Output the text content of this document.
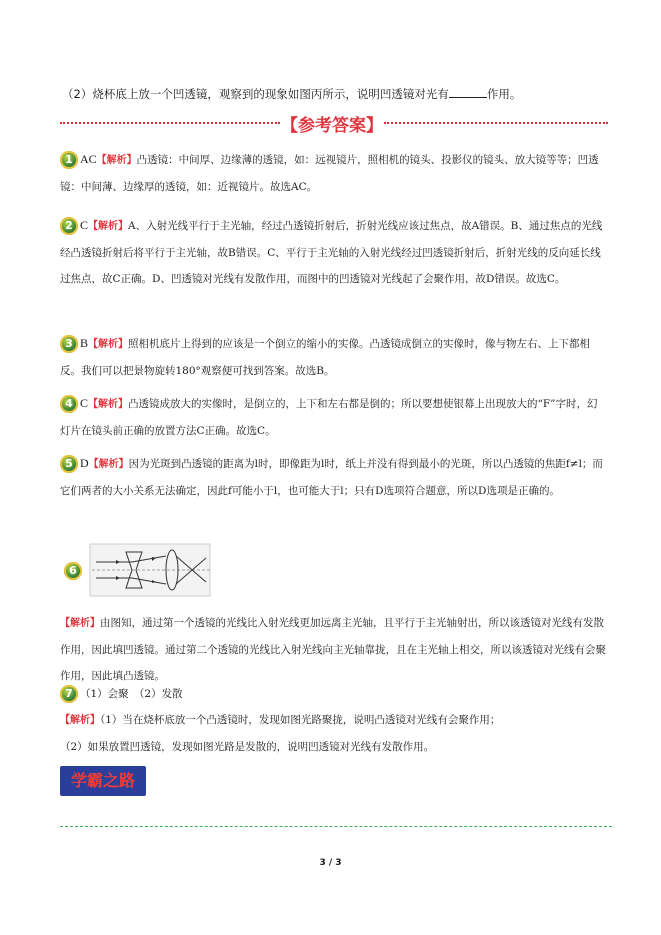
（2）烧杯底上放一个凹透镜，观察到的现象如图丙所示，说明凹透镜对光有	作用。
【参考答案】
1 AC【解析】凸透镜：中间厚、边缘薄的透镜，如：远视镜片，照相机的镜头、投影仪的镜头、放大镜等等；凹透镜：中间薄、边缘厚的透镜，如：近视镜片。故选AC。
2 C【解析】A、入射光线平行于主光轴，经过凸透镜折射后，折射光线应该过焦点，故A错误。B、通过焦点的光线经凸透镜折射后将平行于主光轴，故B错误。C、平行于主光轴的入射光线经过凹透镜折射后，折射光线的反向延长线过焦点，故C正确。D、凹透镜对光线有发散作用，而图中的凹透镜对光线起了会聚作用，故D错误。故选C。
3 B【解析】照相机底片上得到的应该是一个倒立的缩小的实像。凸透镜成倒立的实像时，像与物左右、上下都相反。我们可以把景物旋转180°观察便可找到答案。故选B。
4 C【解析】凸透镜成放大的实像时，是倒立的，上下和左右都是倒的；所以要想使银幕上出现放大的“F”字时，幻灯片在镜头前正确的放置方法C正确。故选C。
5 D【解析】因为光斑到凸透镜的距离为l时，即像距为l时，纸上并没有得到最小的光斑，所以凸透镜的焦距f≠l；而它们两者的大小关系无法确定，因此f可能小于l，也可能大于l；只有D选项符合题意，所以D选项是正确的。
6
【解析】由图知，通过第一个透镜的光线比入射光线更加远离主光轴，且平行于主光轴射出，所以该透镜对光线有发散作用，因此填凹透镜。通过第二个透镜的光线比入射光线向主光轴靠拢，且在主光轴上相交，所以该透镜对光线有会聚作用，因此填凸透镜。
7 （1）会聚　（2）发散
【解析】（1）当在烧杯底放一个凸透镜时，发现如图光路聚拢，说明凸透镜对光线有会聚作用；
（2）如果放置凹透镜，发现如图光路是发散的，说明凹透镜对光线有发散作用。
学霸之路
3 / 3
